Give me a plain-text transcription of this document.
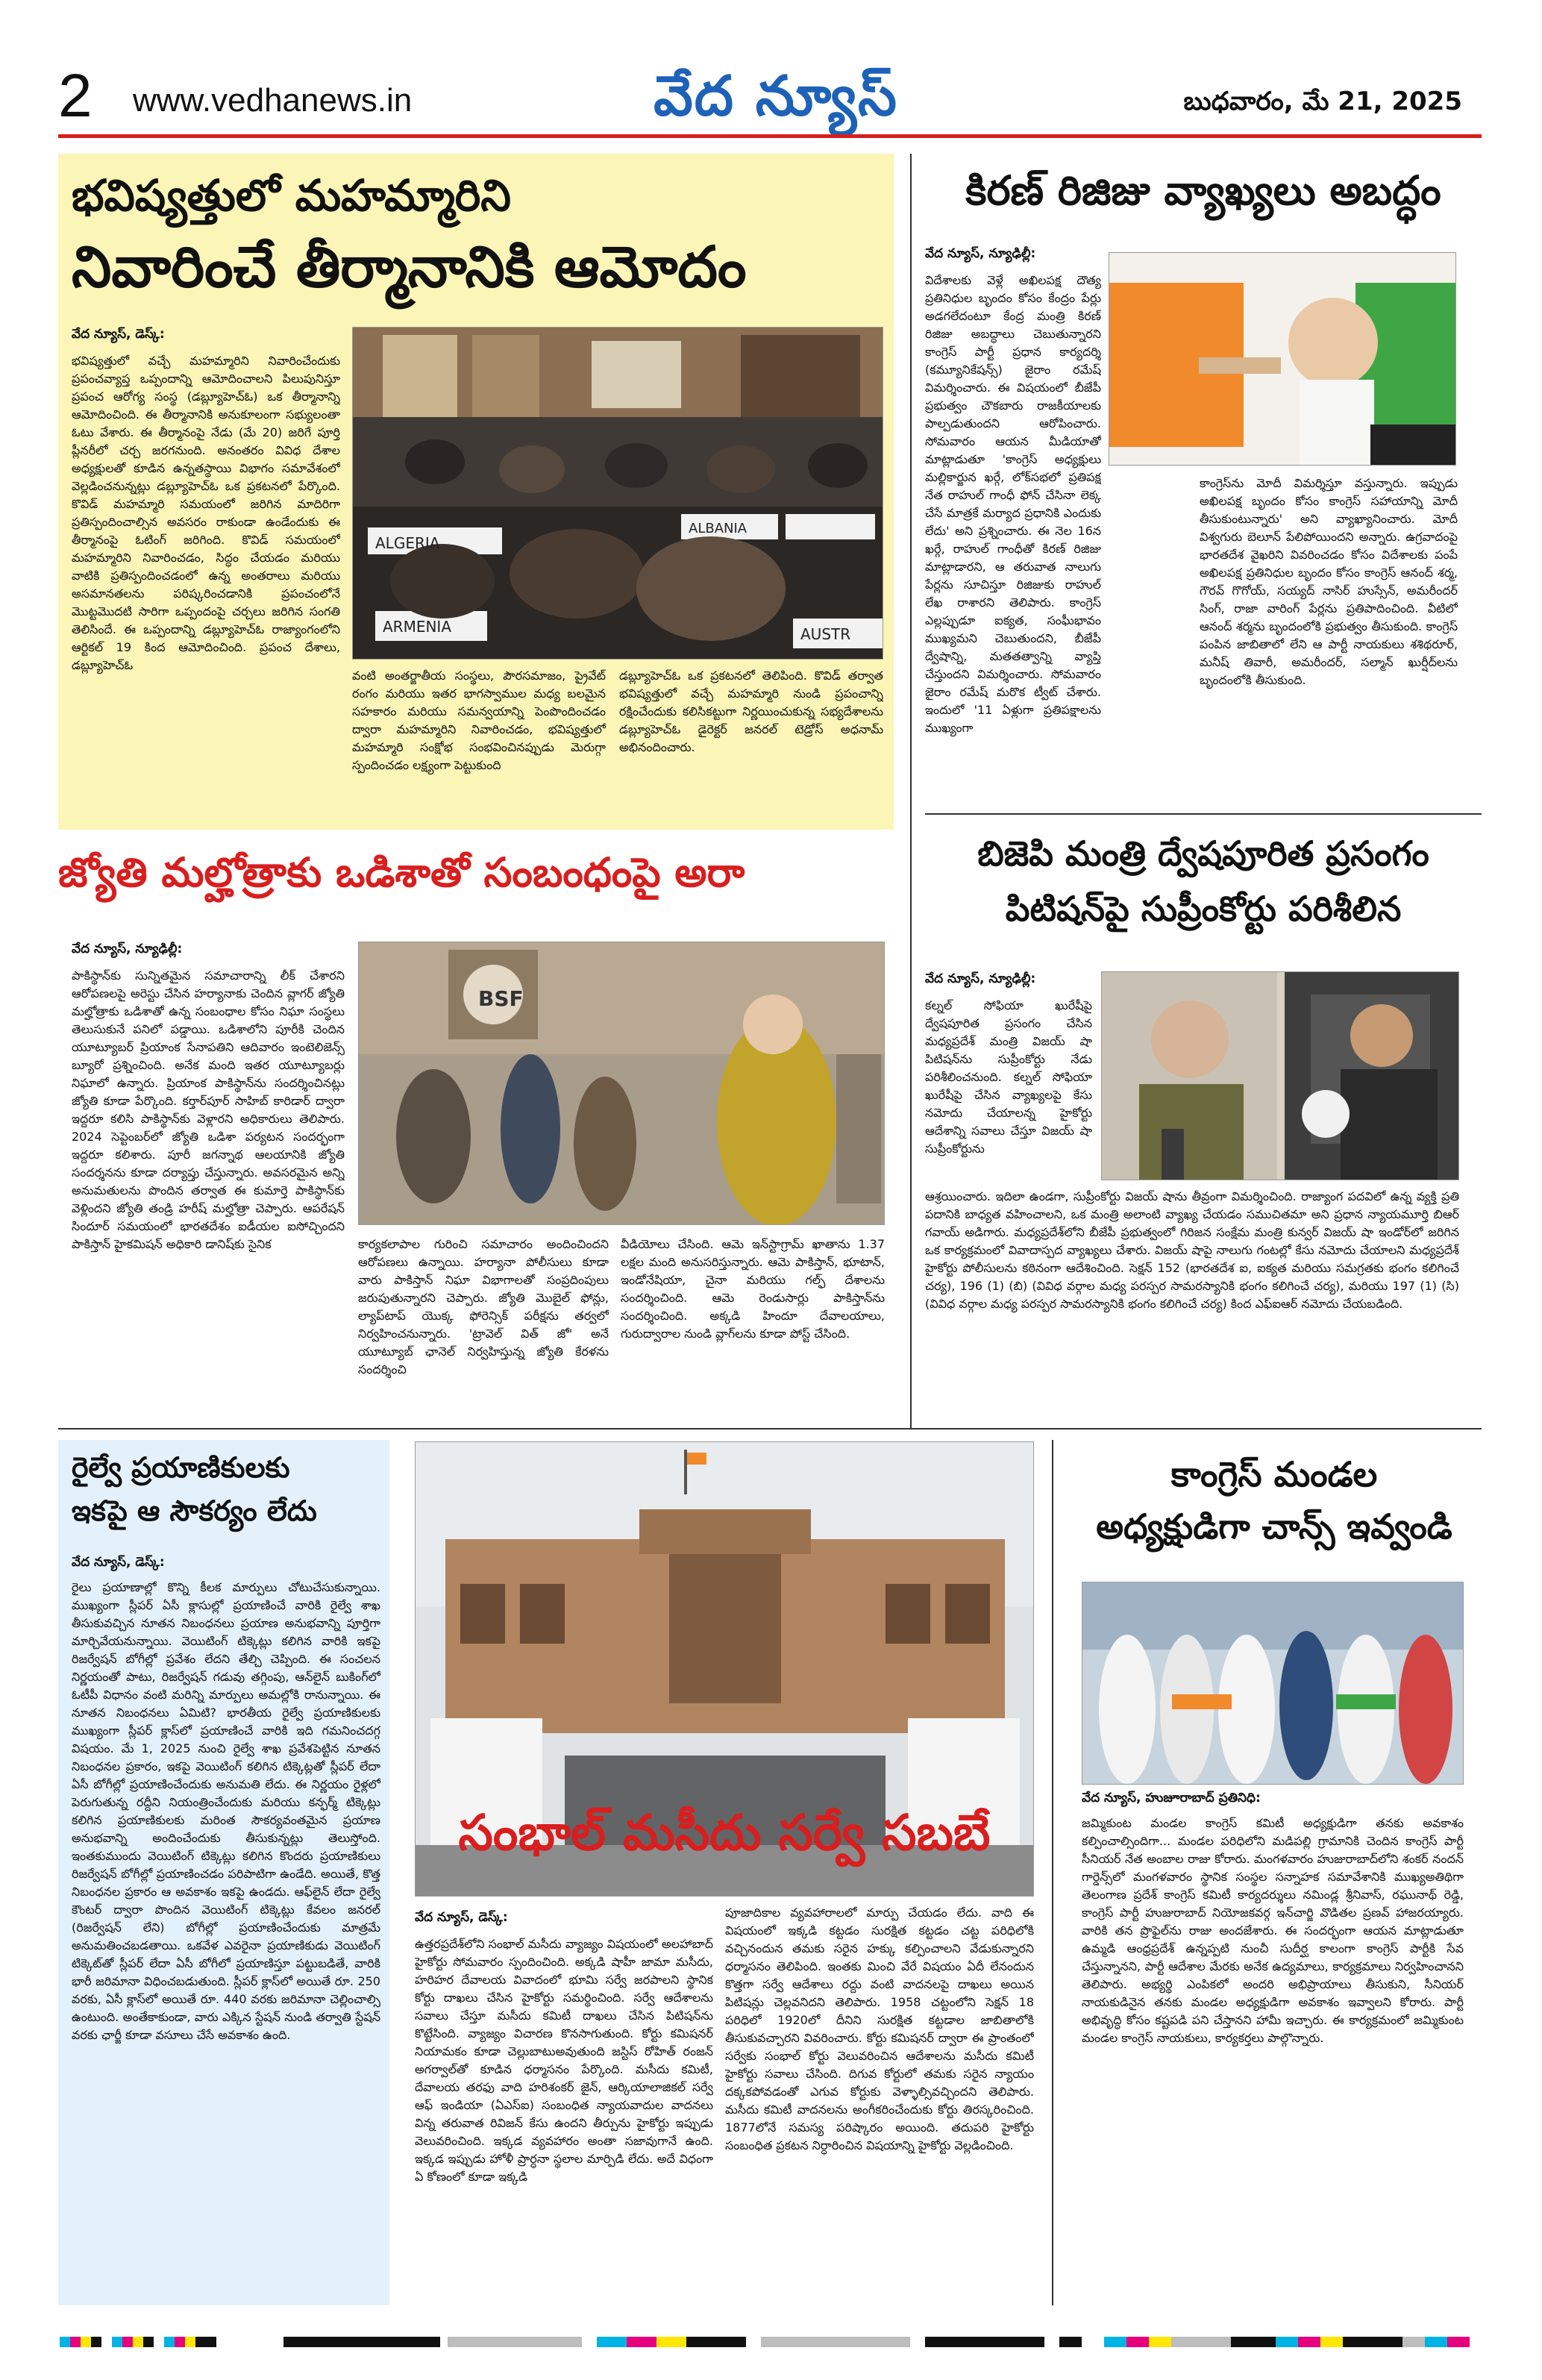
2 www.vedhanews.in	వేద న్యూస్	బుధవారం, మే 21, 2025
భవిష్యత్తులో మహమ్మారిని
నివారించే తీర్మానానికి ఆమోదం
వేద న్యూస్, డెస్క్:
భవిష్యత్తులో వచ్చే మహమ్మారిని నివారించేందుకు ప్రపంచవ్యాప్త ఒప్పందాన్ని ఆమోదించాలని పిలుపునిస్తూ ప్రపంచ ఆరోగ్య సంస్థ (డబ్ల్యూహెచ్ఓ) ఒక తీర్మానాన్ని ఆమోదించింది. ఈ తీర్మానానికి అనుకూలంగా సభ్యులంతా ఓటు వేశారు. ఈ తీర్మానంపై నేడు (మే 20) జరిగే పూర్తి ప్లీనరీలో చర్చ జరగనుంది. అనంతరం వివిధ దేశాల అధ్యక్షులతో కూడిన ఉన్నతస్థాయి విభాగం సమావేశంలో వెల్లడించనున్నట్లు డబ్ల్యూహెచ్ఓ ఒక ప్రకటనలో పేర్కొంది. కొవిడ్ మహమ్మారి సమయంలో జరిగిన మాదిరిగా ప్రతిస్పందించాల్సిన అవసరం రాకుండా ఉండేందుకు ఈ తీర్మానంపై ఓటింగ్ జరిగింది. కొవిడ్ సమయంలో మహమ్మారిని నివారించడం, సిద్ధం చేయడం మరియు వాటికి ప్రతిస్పందించడంలో ఉన్న అంతరాలు మరియు అసమానతలను పరిష్కరించడానికి ప్రపంచంలోనే మొట్టమొదటి సారిగా ఒప్పందంపై చర్చలు జరిగిన సంగతి తెలిసిందే. ఈ ఒప్పందాన్ని డబ్ల్యూహెచ్ఓ రాజ్యాంగంలోని ఆర్టికల్ 19 కింద ఆమోదించింది. ప్రపంచ దేశాలు, డబ్ల్యూహెచ్ఓ
ALGERIA
ALBANIA
ARMENIA	AUSTR
వంటి అంతర్జాతీయ సంస్థలు, పౌరసమాజం, ప్రైవేట్ రంగం మరియు ఇతర భాగస్వాముల మధ్య బలమైన సహకారం మరియు సమన్వయాన్ని పెంపొందించడం ద్వారా మహమ్మారిని నివారించడం, భవిష్యత్తులో మహమ్మారి సంక్షోభ సంభవించినప్పుడు మెరుగ్గా స్పందించడం లక్ష్యంగా పెట్టుకుంది
డబ్ల్యూహెచ్ఓ ఒక ప్రకటనలో తెలిపింది. కొవిడ్ తర్వాత భవిష్యత్తులో వచ్చే మహమ్మారి నుండి ప్రపంచాన్ని రక్షించేందుకు కలిసికట్టుగా నిర్ణయించుకున్న సభ్యదేశాలను డబ్ల్యూహెచ్ఓ డైరెక్టర్ జనరల్ టెడ్రోస్ అధనామ్ అభినందించారు.
కిరణ్ రిజిజు వ్యాఖ్యలు అబద్ధం
వేద న్యూస్, న్యూఢిల్లీ:
విదేశాలకు వెళ్లే అఖిలపక్ష దౌత్య ప్రతినిధుల బృందం కోసం కేంద్రం పేర్లు అడగలేదంటూ కేంద్ర మంత్రి కిరణ్ రిజిజు అబద్ధాలు చెబుతున్నారని కాంగ్రెస్ పార్టీ ప్రధాన కార్యదర్శి (కమ్యూనికేషన్స్) జైరాం రమేష్ విమర్శించారు. ఈ విషయంలో బీజేపీ ప్రభుత్వం చౌకబారు రాజకీయాలకు పాల్పడుతుందని ఆరోపించారు. సోమవారం ఆయన మీడియాతో మాట్లాడుతూ 'కాంగ్రెస్ అధ్యక్షులు మల్లికార్జున ఖర్గే, లోక్‌సభలో ప్రతిపక్ష నేత రాహుల్ గాంధీ ఫోన్ చేసినా లెక్క చేసే మాత్రకే మర్యాద ప్రధానికి ఎందుకు లేదు' అని ప్రశ్నించారు. ఈ నెల 16న ఖర్గే, రాహుల్ గాంధీతో కిరణ్ రిజిజు మాట్లాడారని, ఆ తరువాత నాలుగు పేర్లను సూచిస్తూ రిజిజుకు రాహుల్ లేఖ రాశారని తెలిపారు. కాంగ్రెస్ ఎల్లప్పుడూ ఐక్యత, సంఘీభావం ముఖ్యమని చెబుతుందని, బీజేపీ ద్వేషాన్ని, మతతత్వాన్ని వ్యాప్తి చేస్తుందని విమర్శించారు. సోమవారం జైరాం రమేష్ మరొక ట్వీట్ చేశారు. ఇందులో '11 ఏళ్లుగా ప్రతిపక్షాలను ముఖ్యంగా
కాంగ్రెస్‌ను మోదీ విమర్శిస్తూ వస్తున్నారు. ఇప్పుడు అఖిలపక్ష బృందం కోసం కాంగ్రెస్ సహాయాన్ని మోదీ తీసుకుంటున్నారు' అని వ్యాఖ్యానించారు. మోదీ విశ్వగురు బెలూన్ పేలిపోయిందని అన్నారు. ఉగ్రవాదంపై భారతదేశ వైఖరిని వివరించడం కోసం విదేశాలకు పంపే అఖిలపక్ష ప్రతినిధుల బృందం కోసం కాంగ్రెస్ ఆనంద్ శర్మ, గౌరవ్ గొగోయ్, సయ్యద్ నాసిర్ హుస్సేన్, అమరీందర్ సింగ్, రాజా వారింగ్ పేర్లను ప్రతిపాదించింది. వీటిలో ఆనంద్ శర్మను బృందంలోకి ప్రభుత్వం తీసుకుంది. కాంగ్రెస్ పంపిన జాబితాలో లేని ఆ పార్టీ నాయకులు శశిథరూర్, మనీష్ తివారీ, అమరీందర్, సల్మాన్ ఖుర్షీద్‌లను బృందంలోకి తీసుకుంది.
జ్యోతి మల్హోత్రాకు ఒడిశాతో సంబంధంపై అరా
వేద న్యూస్, న్యూఢిల్లీ:
పాకిస్థాన్‌కు సున్నితమైన సమాచారాన్ని లీక్ చేశారని ఆరోపణలపై అరెస్టు చేసిన హర్యానాకు చెందిన వ్లాగర్ జ్యోతి మల్హోత్రాకు ఒడిశాతో ఉన్న సంబంధాల కోసం నిఘా సంస్థలు తెలుసుకునే పనిలో పడ్డాయి. ఒడిశాలోని పూరీకి చెందిన యూట్యూబర్ ప్రియాంక సేనాపతిని ఆదివారం ఇంటెలిజెన్స్ బ్యూరో ప్రశ్నించింది. అనేక మంది ఇతర యూట్యూబర్లు నిఘాలో ఉన్నారు. ప్రియాంక పాకిస్థాన్‌ను సందర్శించినట్లు జ్యోతి కూడా పేర్కొంది. కర్తార్‌పూర్ సాహిబ్ కారిడార్ ద్వారా ఇద్దరూ కలిసి పాకిస్థాన్‌కు వెళ్లారని అధికారులు తెలిపారు. 2024 సెప్టెంబర్‌లో జ్యోతి ఒడిశా పర్యటన సందర్భంగా ఇద్దరూ కలిశారు. పూరీ జగన్నాథ ఆలయానికి జ్యోతి సందర్శనను కూడా దర్యాప్తు చేస్తున్నారు. అవసరమైన అన్ని అనుమతులను పొందిన తర్వాత ఈ కుమార్తె పాకిస్థాన్‌కు వెళ్లిందని జ్యోతి తండ్రి హరీష్ మల్హోత్రా చెప్పారు. ఆపరేషన్ సిందూర్ సమయంలో భారతదేశం ఐడీయల ఐసోచ్చిందని పాకిస్తాన్ హైకమిషన్ అధికారి డానిష్‌కు సైనిక
BSF
కార్యకలాపాల గురించి సమాచారం అందించిందని ఆరోపణలు ఉన్నాయి. హర్యానా పోలీసులు కూడా వారు పాకిస్తాన్ నిఘా విభాగాలతో సంప్రదింపులు జరుపుతున్నారని చెప్పారు. జ్యోతి మొబైల్ ఫోన్లు, ల్యాప్‌టాప్ యొక్క ఫోరెన్సిక్ పరీక్షను తర్వలో నిర్వహించనున్నారు. 'ట్రావెల్ విత్ జో' అనే యూట్యూబ్ ఛానెల్ నిర్వహిస్తున్న జ్యోతి కేరళను సందర్శించి
వీడియోలు చేసింది. ఆమె ఇన్‌స్టాగ్రామ్ ఖాతాను 1.37 లక్షల మంది అనుసరిస్తున్నారు. ఆమె పాకిస్తాన్, భూటాన్, ఇండోనేషియా, చైనా మరియు గల్ఫ్ దేశాలను సందర్శించింది. ఆమె రెండుసార్లు పాకిస్తాన్‌ను సందర్శించింది. అక్కడి హిందూ దేవాలయాలు, గురుద్వారాల నుండి వ్లాగ్‌లను కూడా పోస్ట్ చేసింది.
బిజెపి మంత్రి ద్వేషపూరిత ప్రసంగం
పిటిషన్‌పై సుప్రీంకోర్టు పరిశీలిన
వేద న్యూస్, న్యూఢిల్లీ:
కల్నల్ సోఫియా ఖురేషీపై ద్వేషపూరిత ప్రసంగం చేసిన మధ్యప్రదేశ్ మంత్రి విజయ్ షా పిటిషన్‌ను సుప్రీంకోర్టు నేడు పరిశీలించనుంది. కల్నల్ సోఫియా ఖురేషీపై చేసిన వ్యాఖ్యలపై కేసు నమోదు చేయాలన్న హైకోర్టు ఆదేశాన్ని సవాలు చేస్తూ విజయ్ షా సుప్రీంకోర్టును
ఆశ్రయించారు. ఇదిలా ఉండగా, సుప్రీంకోర్టు విజయ్ షాను తీవ్రంగా విమర్శించింది. రాజ్యాంగ పదవిలో ఉన్న వ్యక్తి ప్రతి పదానికి బాధ్యత వహించాలని, ఒక మంత్రి అలాంటి వ్యాఖ్య చేయడం సముచితమా అని ప్రధాన న్యాయమూర్తి బిఆర్ గవాయ్ అడిగారు. మధ్యప్రదేశ్‌లోని బీజేపీ ప్రభుత్వంలో గిరిజన సంక్షేమ మంత్రి కున్వర్ విజయ్ షా ఇండోర్‌లో జరిగిన ఒక కార్యక్రమంలో వివాదాస్పద వ్యాఖ్యలు చేశారు. విజయ్ షాపై నాలుగు గంటల్లో కేసు నమోదు చేయాలని మధ్యప్రదేశ్ హైకోర్టు పోలీసులను కఠినంగా ఆదేశించింది. సెక్షన్ 152 (భారతదేశ ఐ, ఐక్యత మరియు సమగ్రతకు భంగం కలిగించే చర్య), 196 (1) (బి) (వివిధ వర్గాల మధ్య పరస్పర సామరస్యానికి భంగం కలిగించే చర్య), మరియు 197 (1) (సి) (వివిధ వర్గాల మధ్య పరస్పర సామరస్యానికి భంగం కలిగించే చర్య) కింద ఎఫ్ఐఆర్ నమోదు చేయబడింది.
రైల్వే ప్రయాణికులకు
ఇకపై ఆ సౌకర్యం లేదు
వేద న్యూస్, డెస్క్:
రైలు ప్రయాణాల్లో కొన్ని కీలక మార్పులు చోటుచేసుకున్నాయి. ముఖ్యంగా స్లీపర్ ఏసీ క్లాసుల్లో ప్రయాణించే వారికి రైల్వే శాఖ తీసుకువచ్చిన నూతన నిబంధనలు ప్రయాణ అనుభవాన్ని పూర్తిగా మార్చివేయనున్నాయి. వెయిటింగ్ టిక్కెట్లు కలిగిన వారికి ఇకపై రిజర్వేషన్ బోగీల్లో ప్రవేశం లేదని తేల్చి చెప్పింది. ఈ సంచలన నిర్ణయంతో పాటు, రిజర్వేషన్ గడువు తగ్గింపు, ఆన్‌లైన్ బుకింగ్‌లో ఓటీపీ విధానం వంటి మరిన్ని మార్పులు అమల్లోకి రానున్నాయి. ఈ నూతన నిబంధనలు ఏమిటి? భారతీయ రైల్వే ప్రయాణికులకు ముఖ్యంగా స్లీపర్ క్లాస్‌లో ప్రయాణించే వారికి ఇది గమనించదగ్గ విషయం. మే 1, 2025 నుంచి రైల్వే శాఖ ప్రవేశపెట్టిన నూతన నిబంధనల ప్రకారం, ఇకపై వెయిటింగ్ కలిగిన టిక్కెట్లతో స్లీపర్ లేదా ఏసీ బోగీల్లో ప్రయాణించేందుకు అనుమతి లేదు. ఈ నిర్ణయం రైళ్లలో పెరుగుతున్న రద్దీని నియంత్రించేందుకు మరియు కన్ఫర్మ్ టిక్కెట్లు కలిగిన ప్రయాణికులకు మరింత సౌకర్యవంతమైన ప్రయాణ అనుభవాన్ని అందించేందుకు తీసుకున్నట్లు తెలుస్తోంది. ఇంతకుముందు వెయిటింగ్ టిక్కెట్లు కలిగిన కొందరు ప్రయాణికులు రిజర్వేషన్ బోగీల్లో ప్రయాణించడం పరిపాటిగా ఉండేది. అయితే, కొత్త నిబంధనల ప్రకారం ఆ అవకాశం ఇకపై ఉండదు. ఆఫ్‌లైన్ లేదా రైల్వే కౌంటర్ ద్వారా పొందిన వెయిటింగ్ టిక్కెట్లు కేవలం జనరల్ (రిజర్వేషన్ లేని) బోగీల్లో ప్రయాణించేందుకు మాత్రమే అనుమతించబడతాయి. ఒకవేళ ఎవరైనా ప్రయాణికుడు వెయిటింగ్ టిక్కెట్‌తో స్లీపర్ లేదా ఏసీ బోగీలో ప్రయాణిస్తూ పట్టుబడితే, వారికి భారీ జరిమానా విధించబడుతుంది. స్లీపర్ క్లాస్‌లో అయితే రూ. 250 వరకు, ఏసీ క్లాస్‌లో అయితే రూ. 440 వరకు జరిమానా చెల్లించాల్సి ఉంటుంది. అంతేకాకుండా, వారు ఎక్కిన స్టేషన్ నుండి తర్వాతి స్టేషన్ వరకు ఛార్జీ కూడా వసూలు చేసే అవకాశం ఉంది.
సంభాల్ మసీదు సర్వే సబబే
వేద న్యూస్, డెస్క్:
ఉత్తరప్రదేశ్‌లోని సంభాల్ మసీదు వ్యాజ్యం విషయంలో అలహాబాద్ హైకోర్టు సోమవారం స్పందించింది. అక్కడి షాహీ జామా మసీదు, హరిహర దేవాలయ వివాదంలో భూమి సర్వే జరపాలని స్థానిక కోర్టు దాఖలు చేసిన హైకోర్టు సమర్థించింది. సర్వే ఆదేశాలను సవాలు చేస్తూ మసీదు కమిటీ దాఖలు చేసిన పిటిషన్‌ను కొట్టేసింది. వ్యాజ్యం విచారణ కొనసాగుతుంది. కోర్టు కమిషనర్ నియామకం కూడా చెల్లుబాటుఅవుతుంది జస్టిస్ రోహిత్ రంజన్ అగర్వాల్‌తో కూడిన ధర్మాసనం పేర్కొంది. మసీదు కమిటీ, దేవాలయ తరఫు వాది హరిశంకర్ జైన్, ఆర్కియాలాజికల్ సర్వే ఆఫ్ ఇండియా (ఏఎస్ఐ) సంబంధిత న్యాయవాదుల వాదనలు విన్న తరువాత రివిజన్ కేసు ఉందని తీర్పును హైకోర్టు ఇప్పుడు వెలువరించింది. ఇక్కడ వ్యవహారం అంతా సజావుగానే ఉంది. ఇక్కడ ఇప్పుడు హోళీ ప్రార్ధనా స్థలాల మార్పిడి లేదు. అదే విధంగా ఏ కోణంలో కూడా ఇక్కడి
పూజాదికాల వ్యవహారాలలో మార్పు చేయడం లేదు. వాది ఈ విషయంలో ఇక్కడి కట్టడం సురక్షిత కట్టడం చట్ట పరిధిలోకి వచ్చినందున తమకు సరైన హక్కు కల్పించాలని వేడుకున్నారని ధర్మాసనం తెలిపింది. ఇంతకు మించి వేరే విషయం ఏదీ లేనందున కొత్తగా సర్వే ఆదేశాలు రద్దు వంటి వాదనలపై దాఖలు అయిన పిటిషన్లు చెల్లవనిదని తెలిపారు. 1958 చట్టంలోని సెక్షన్ 18 పరిధిలో 1920లో దీనిని సురక్షిత కట్టడాల జాబితాలోకి తీసుకువచ్చారని వివరించారు. కోర్టు కమిషనర్ ద్వారా ఈ ప్రాంతంలో సర్వేకు సంభాల్ కోర్టు వెలువరించిన ఆదేశాలను మసీదు కమిటీ హైకోర్టు సవాలు చేసింది. దిగువ కోర్టులో తమకు సరైన న్యాయం దక్కకపోవడంతో ఎగువ కోర్టుకు వెళ్ళాల్సివచ్చిందని తెలిపారు. మసీదు కమిటీ వాదనలను అంగీకరించేందుకు కోర్టు తిరస్కరించింది. 1877లోనే సమస్య పరిష్కారం అయింది. తదుపరి హైకోర్టు సంబంధిత ప్రకటన నిర్ధారించిన విషయాన్ని హైకోర్టు వెల్లడించింది.
కాంగ్రెస్ మండల
అధ్యక్షుడిగా చాన్స్ ఇవ్వండి
వేద న్యూస్, హుజూరాబాద్ ప్రతినిధి:
జమ్మికుంట మండల కాంగ్రెస్ కమిటీ అధ్యక్షుడిగా తనకు అవకాశం కల్పించాల్సిందిగా... మండల పరిధిలోని మడిపల్లి గ్రామానికి చెందిన కాంగ్రెస్ పార్టీ సీనియర్ నేత అంబాల రాజు కోరారు. మంగళవారం హుజురాబాద్‌లోని శంకర్ నందన్ గార్డెన్స్‌లో మంగళవారం స్థానిక సంస్థల సన్నాహక సమావేశానికి ముఖ్యఅతిథిగా తెలంగాణ ప్రదేశ్ కాంగ్రెస్ కమిటీ కార్యదర్శులు నమిండ్ల శ్రీనివాస్, రఘునాథ్ రెడ్డి, కాంగ్రెస్ పార్టీ హుజురాబాద్ నియోజకవర్గ ఇన్‌చార్జి వొడితల ప్రణవ్ హాజరయ్యారు. వారికి తన ప్రొఫైల్‌ను రాజు అందజేశారు. ఈ సందర్భంగా ఆయన మాట్లాడుతూ ఉమ్మడి ఆంధ్రప్రదేశ్ ఉన్నప్పటి నుంచీ సుదీర్ఘ కాలంగా కాంగ్రెస్ పార్టీకి సేవ చేస్తున్నానని, పార్టీ ఆదేశాల మేరకు అనేక ఉద్యమాలు, కార్యక్రమాలు నిర్వహించానని తెలిపారు. అభ్యర్థి ఎంపికలో అందరి అభిప్రాయాలు తీసుకుని, సీనియర్ నాయకుడినైన తనకు మండల అధ్యక్షుడిగా అవకాశం ఇవ్వాలని కోరారు. పార్టీ అభివృద్ధి కోసం కష్టపడి పని చేస్తానని హామీ ఇచ్చారు. ఈ కార్యక్రమంలో జమ్మికుంట మండల కాంగ్రెస్ నాయకులు, కార్యకర్తలు పాల్గొన్నారు.
